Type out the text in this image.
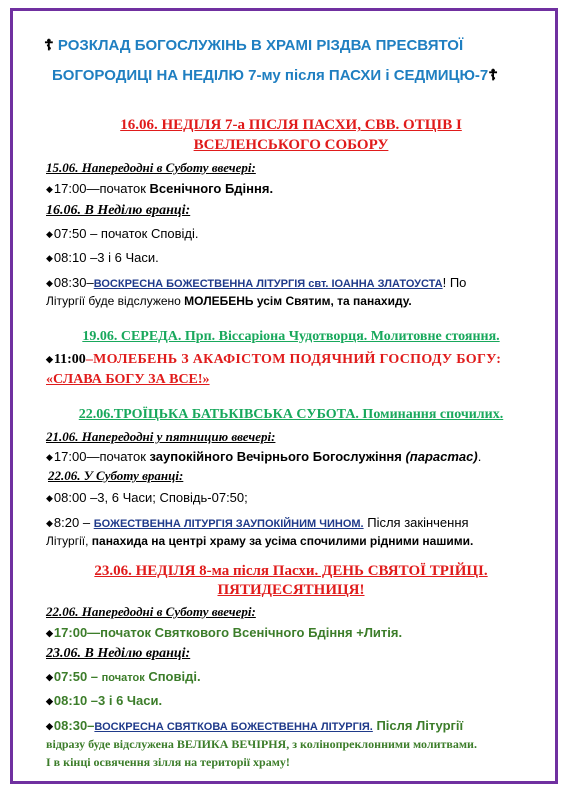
☦ РОЗКЛАД БОГОСЛУЖІНЬ В ХРАМІ РІЗДВА ПРЕСВЯТОЇ
БОГОРОДИЦІ НА НЕДІЛЮ 7-му після ПАСХИ і СЕДМИЦЮ-7☦
16.06. НЕДІЛЯ 7-а ПІСЛЯ ПАСХИ, СВВ. ОТЦІВ І
ВСЕЛЕНСЬКОГО СОБОРУ
15.06. Напередодні в Суботу ввечері:
◆17:00—початок Всенічного Бдіння.
16.06. В Неділю вранці:
◆07:50 – початок Сповіді.
◆08:10 –3 і 6 Часи.
◆08:30–ВОСКРЕСНА БОЖЕСТВЕННА ЛІТУРГІЯ свт. ІОАННА ЗЛАТОУСТА! По
Літургії буде відслужено МОЛЕБЕНЬ усім Святим, та панахиду.
19.06. СЕРЕДА. Прп. Віссаріона Чудотворця. Молитовне стояння.
◆11:00–МОЛЕБЕНЬ З АКАФІСТОМ ПОДЯЧНИЙ ГОСПОДУ БОГУ:
«СЛАВА БОГУ ЗА ВСЕ!»
22.06.ТРОЇЦЬКА БАТЬКІВСЬКА СУБОТА. Поминання спочилих.
21.06. Напередодні у пятницию ввечері:
◆17:00—початок заупокійного Вечірнього Богослужіння (парастас).
22.06. У Суботу вранці:
◆08:00 –3, 6 Часи; Сповідь-07:50;
◆8:20 – БОЖЕСТВЕННА ЛІТУРГІЯ ЗАУПОКІЙНИМ ЧИНОМ. Після закінчення
Літургії, панахида на центрі храму за усіма спочилими рідними нашими.
23.06. НЕДІЛЯ 8-ма після Пасхи. ДЕНЬ СВЯТОЇ ТРІЙЦІ.
ПЯТИДЕСЯТНИЦЯ!
22.06. Напередодні в Суботу ввечері:
◆17:00—початок Святкового Всенічного Бдіння +Литія.
23.06. В Неділю вранці:
◆07:50 – початок Сповіді.
◆08:10 –3 і 6 Часи.
◆08:30–ВОСКРЕСНА СВЯТКОВА БОЖЕСТВЕННА ЛІТУРГІЯ. Після Літургії
відразу буде відслужена ВЕЛИКА ВЕЧІРНЯ, з колінопреклонними молитвами.
І в кінці освячення зілля на території храму!
